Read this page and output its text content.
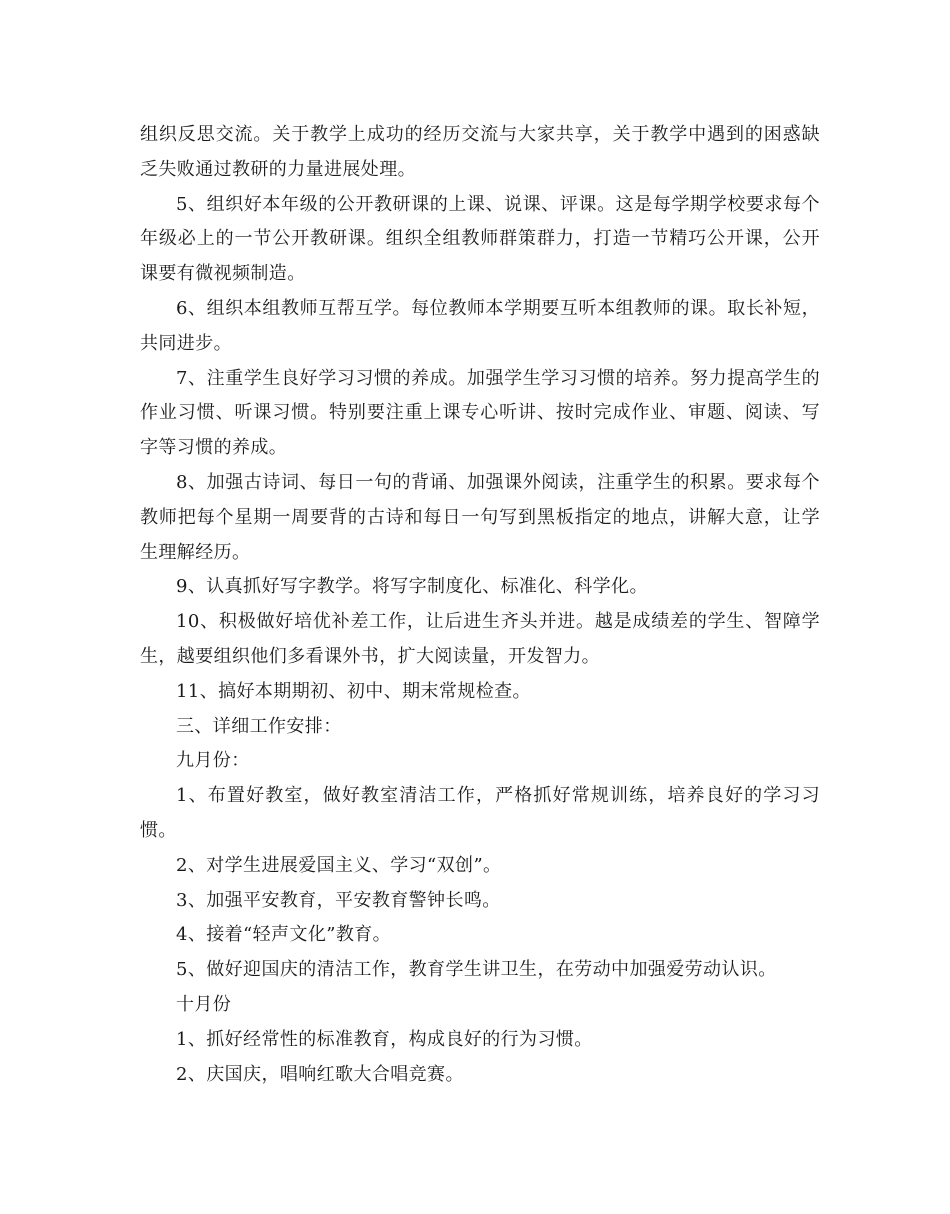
组织反思交流。关于教学上成功的经历交流与大家共享，关于教学中遇到的困惑缺乏失败通过教研的力量进展处理。

5、组织好本年级的公开教研课的上课、说课、评课。这是每学期学校要求每个年级必上的一节公开教研课。组织全组教师群策群力，打造一节精巧公开课，公开课要有微视频制造。

6、组织本组教师互帮互学。每位教师本学期要互听本组教师的课。取长补短，共同进步。

7、注重学生良好学习习惯的养成。加强学生学习习惯的培养。努力提高学生的作业习惯、听课习惯。特别要注重上课专心听讲、按时完成作业、审题、阅读、写字等习惯的养成。

8、加强古诗词、每日一句的背诵、加强课外阅读，注重学生的积累。要求每个教师把每个星期一周要背的古诗和每日一句写到黑板指定的地点，讲解大意，让学生理解经历。

9、认真抓好写字教学。将写字制度化、标准化、科学化。

10、积极做好培优补差工作，让后进生齐头并进。越是成绩差的学生、智障学生，越要组织他们多看课外书，扩大阅读量，开发智力。

11、搞好本期期初、初中、期末常规检查。

三、详细工作安排：

九月份：

1、布置好教室，做好教室清洁工作，严格抓好常规训练，培养良好的学习习惯。

2、对学生进展爱国主义、学习“双创”。

3、加强平安教育，平安教育警钟长鸣。

4、接着“轻声文化”教育。

5、做好迎国庆的清洁工作，教育学生讲卫生，在劳动中加强爱劳动认识。

十月份

1、抓好经常性的标准教育，构成良好的行为习惯。

2、庆国庆，唱响红歌大合唱竞赛。
